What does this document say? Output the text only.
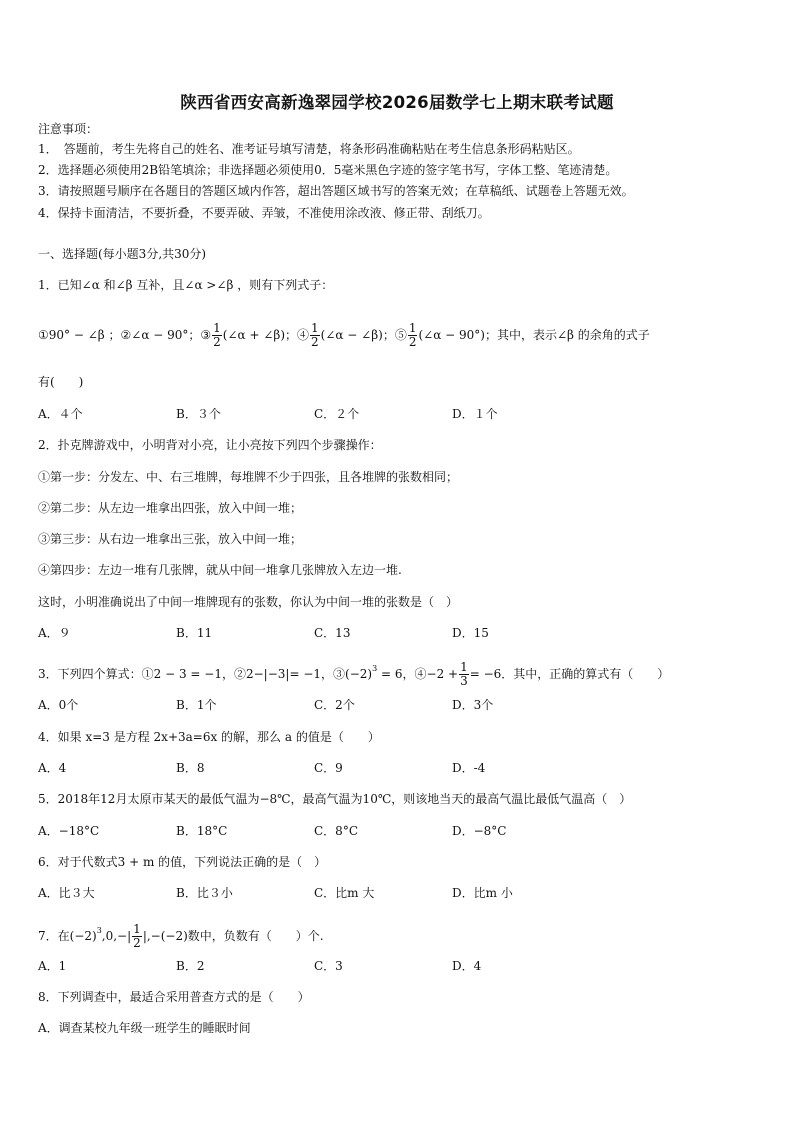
陕西省西安高新逸翠园学校2026届数学七上期末联考试题
注意事项：
1．　答题前，考生先将自己的姓名、准考证号填写清楚，将条形码准确粘贴在考生信息条形码粘贴区。
2．选择题必须使用2B铅笔填涂；非选择题必须使用0．5毫米黑色字迹的签字笔书写，字体工整、笔迹清楚。
3．请按照题号顺序在各题目的答题区域内作答，超出答题区域书写的答案无效；在草稿纸、试题卷上答题无效。
4．保持卡面清洁，不要折叠，不要弄破、弄皱，不准使用涂改液、修正带、刮纸刀。
一、选择题(每小题3分,共30分)
1．已知∠α 和∠β 互补，且∠α >∠β ，则有下列式子：
①90° − ∠β ；②∠α − 90°；③ $\frac{1}{2}$ (∠α + ∠β)；④ $\frac{1}{2}$ (∠α − ∠β)；⑤ $\frac{1}{2}$ (∠α − 90°)；其中，表示∠β 的余角的式子
有(　　)
A．４个	B．３个	C．２个	D．１个
2．扑克牌游戏中，小明背对小亮，让小亮按下列四个步骤操作：
①第一步：分发左、中、右三堆牌，每堆牌不少于四张，且各堆牌的张数相同；
②第二步：从左边一堆拿出四张，放入中间一堆；
③第三步：从右边一堆拿出三张，放入中间一堆；
④第四步：左边一堆有几张牌，就从中间一堆拿几张牌放入左边一堆.
这时，小明准确说出了中间一堆牌现有的张数，你认为中间一堆的张数是（　）
A．９	B．11	C．13	D．15
3．下列四个算式：①2 − 3 = −1，②2−|−3|= −1，$③(-2)^3 = 6$，④−2 + $\frac{1}{3} = -6$．其中，正确的算式有（　　）
A．0个	B．1个	C．2个	D．3个
4．如果 x=3 是方程 2x+3a=6x 的解，那么 a 的值是（　　）
A．4	B．8	C．9	D．-4
5．2018年12月太原市某天的最低气温为−8℃，最高气温为10℃，则该地当天的最高气温比最低气温高（　）
A．−18°C	B．18°C	C．8°C	D．−8°C
6．对于代数式3 + m 的值，下列说法正确的是（　）
A．比３大	B．比３小	C．比m 大	D．比m 小
7．在$(-2)^3,0,-| \frac{1}{2} |,-(-2)$数中，负数有（　　）个.
A．1	B．2	C．3	D．4
8．下列调查中，最适合采用普查方式的是（　　）
A．调查某校九年级一班学生的睡眠时间
